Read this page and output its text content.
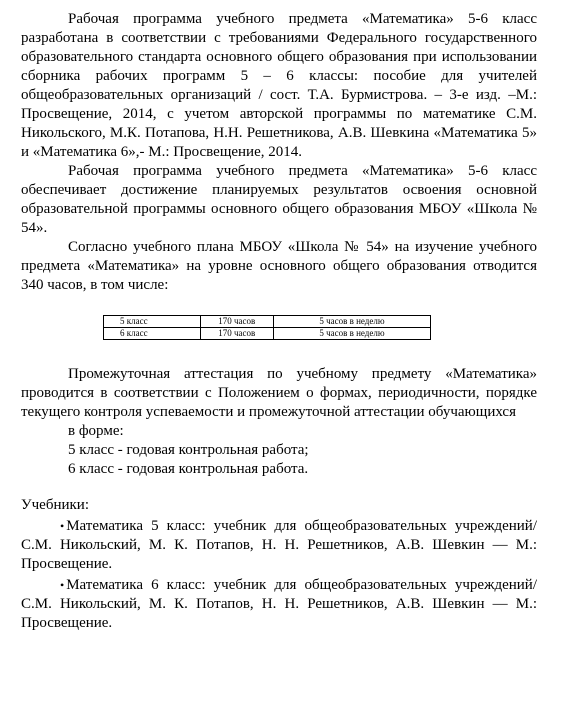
Рабочая программа учебного предмета «Математика» 5-6 класс разработана в соответствии с требованиями Федерального государственного образовательного стандарта основного общего образования при использовании сборника рабочих программ 5 – 6 классы: пособие для учителей общеобразовательных организаций / сост. Т.А. Бурмистрова. – 3-е изд. –М.: Просвещение, 2014, с учетом авторской программы по математике С.М. Никольского, М.К. Потапова, Н.Н. Решетникова, А.В. Шевкина «Математика 5» и «Математика 6»,- М.: Просвещение, 2014.

Рабочая программа учебного предмета «Математика» 5-6 класс обеспечивает достижение планируемых результатов освоения основной образовательной программы основного общего образования МБОУ «Школа № 54».

Согласно учебного плана МБОУ «Школа № 54» на изучение учебного предмета «Математика» на уровне основного общего образования отводится 340 часов, в том числе:

5 класс	170 часов	5 часов в неделю
6 класс	170 часов	5 часов в неделю

Промежуточная аттестация по учебному предмету «Математика» проводится в соответствии с Положением о формах, периодичности, порядке текущего контроля успеваемости и промежуточной аттестации обучающихся

в форме:

5 класс - годовая контрольная работа;

6 класс - годовая контрольная работа.

Учебники:

• Математика 5 класс: учебник для общеобразовательных учреждений/С.М. Никольский, М. К. Потапов, Н. Н. Решетников, А.В. Шевкин — М.: Просвещение.

• Математика 6 класс: учебник для общеобразовательных учреждений/С.М. Никольский, М. К. Потапов, Н. Н. Решетников, А.В. Шевкин — М.: Просвещение.
